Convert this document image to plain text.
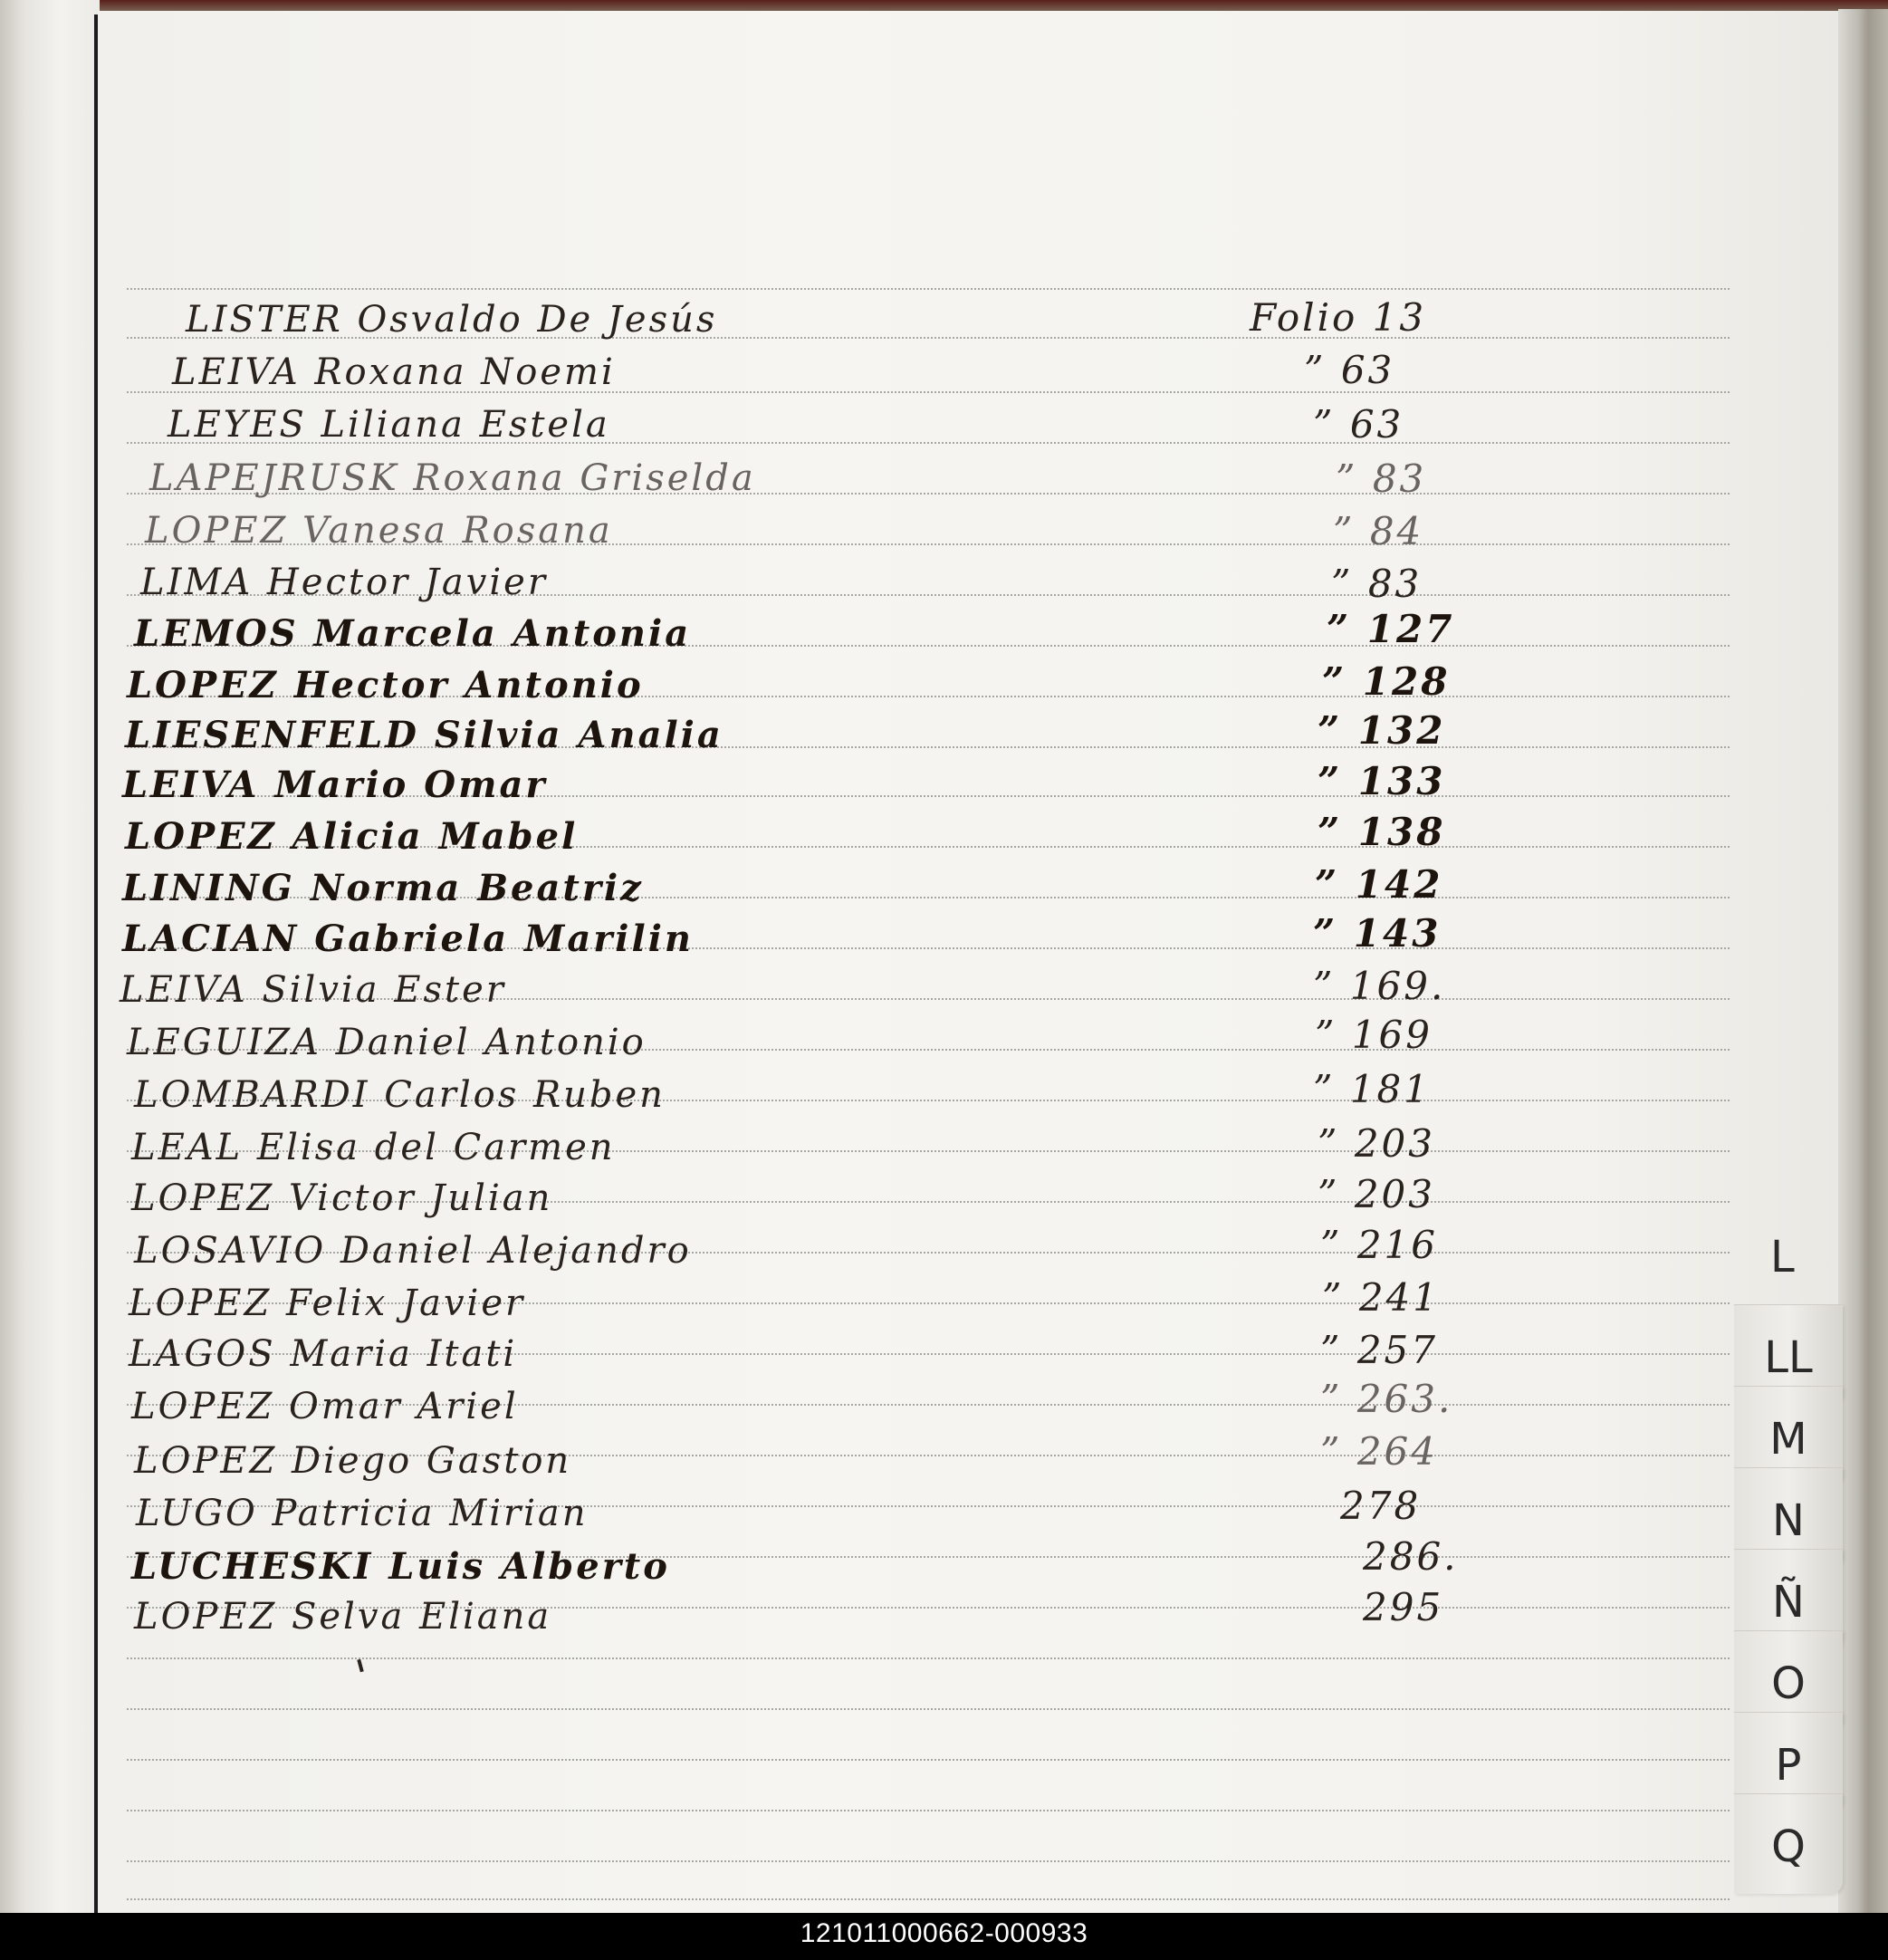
LISTER Osvaldo De Jesús	Folio 13
LEIVA Roxana Noemi	” 63
LEYES Liliana Estela	” 63
LAPEJRUSK Roxana Griselda	” 83
LOPEZ Vanesa Rosana	” 84
LIMA Hector Javier	” 83
LEMOS Marcela Antonia	” 127
LOPEZ Hector Antonio	” 128
LIESENFELD Silvia Analia	” 132
LEIVA Mario Omar	” 133
LOPEZ Alicia Mabel	” 138
LINING Norma Beatriz	” 142
LACIAN Gabriela Marilin	” 143
LEIVA Silvia Ester	” 169.
LEGUIZA Daniel Antonio	” 169
LOMBARDI Carlos Ruben	” 181
LEAL Elisa del Carmen	” 203
LOPEZ Victor Julian	” 203
LOSAVIO Daniel Alejandro	” 216
LOPEZ Felix Javier	” 241
LAGOS Maria Itati	” 257
LOPEZ Omar Ariel	” 263.
LOPEZ Diego Gaston	” 264
LUGO Patricia Mirian	278
LUCHESKI Luis Alberto	286.
LOPEZ Selva Eliana	295
LL
M
N
Ñ
O
P
Q
L
121011000662-000933
